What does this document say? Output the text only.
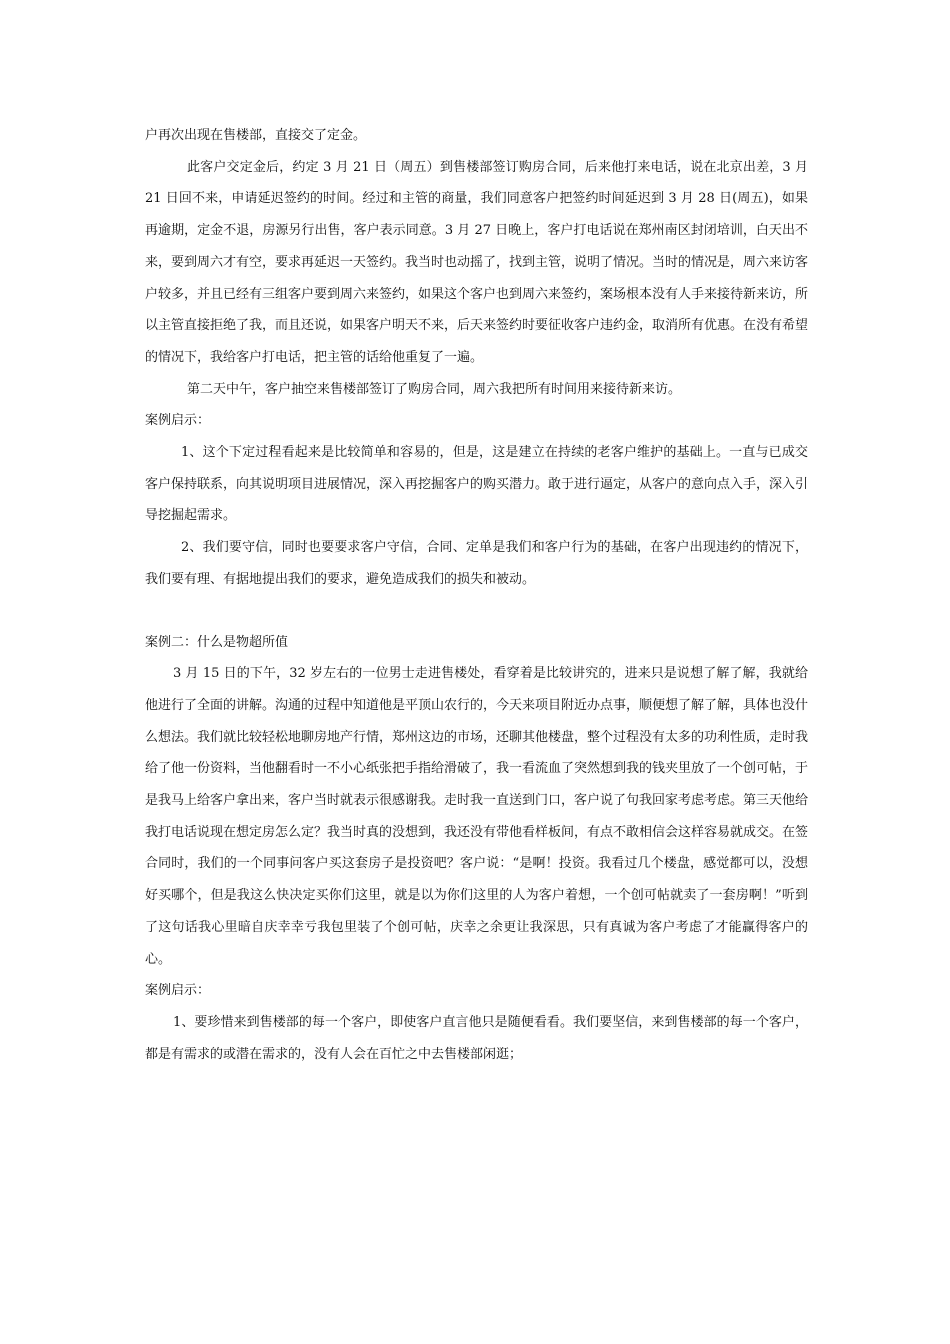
户再次出现在售楼部，直接交了定金。

此客户交定金后，约定 3 月 21 日（周五）到售楼部签订购房合同，后来他打来电话，说在北京出差，3 月 21 日回不来，申请延迟签约的时间。经过和主管的商量，我们同意客户把签约时间延迟到 3 月 28 日(周五)，如果再逾期，定金不退，房源另行出售，客户表示同意。3 月 27 日晚上，客户打电话说在郑州南区封闭培训，白天出不来，要到周六才有空，要求再延迟一天签约。我当时也动摇了，找到主管，说明了情况。当时的情况是，周六来访客户较多，并且已经有三组客户要到周六来签约，如果这个客户也到周六来签约，案场根本没有人手来接待新来访，所以主管直接拒绝了我，而且还说，如果客户明天不来，后天来签约时要征收客户违约金，取消所有优惠。在没有希望的情况下，我给客户打电话，把主管的话给他重复了一遍。

第二天中午，客户抽空来售楼部签订了购房合同，周六我把所有时间用来接待新来访。

案例启示：

1、这个下定过程看起来是比较简单和容易的，但是，这是建立在持续的老客户维护的基础上。一直与已成交客户保持联系，向其说明项目进展情况，深入再挖掘客户的购买潜力。敢于进行逼定，从客户的意向点入手，深入引导挖掘起需求。

2、我们要守信，同时也要要求客户守信，合同、定单是我们和客户行为的基础，在客户出现违约的情况下，我们要有理、有据地提出我们的要求，避免造成我们的损失和被动。

案例二：什么是物超所值

3 月 15 日的下午，32 岁左右的一位男士走进售楼处，看穿着是比较讲究的，进来只是说想了解了解，我就给他进行了全面的讲解。沟通的过程中知道他是平顶山农行的，今天来项目附近办点事，顺便想了解了解，具体也没什么想法。我们就比较轻松地聊房地产行情，郑州这边的市场，还聊其他楼盘，整个过程没有太多的功利性质，走时我给了他一份资料，当他翻看时一不小心纸张把手指给滑破了，我一看流血了突然想到我的钱夹里放了一个创可帖，于是我马上给客户拿出来，客户当时就表示很感谢我。走时我一直送到门口，客户说了句我回家考虑考虑。第三天他给我打电话说现在想定房怎么定？我当时真的没想到，我还没有带他看样板间，有点不敢相信会这样容易就成交。在签合同时，我们的一个同事问客户买这套房子是投资吧？客户说：“是啊！投资。我看过几个楼盘，感觉都可以，没想好买哪个，但是我这么快决定买你们这里，就是以为你们这里的人为客户着想，一个创可帖就卖了一套房啊！”听到了这句话我心里暗自庆幸幸亏我包里装了个创可帖，庆幸之余更让我深思，只有真诚为客户考虑了才能赢得客户的心。

案例启示：

1、要珍惜来到售楼部的每一个客户，即使客户直言他只是随便看看。我们要坚信，来到售楼部的每一个客户，都是有需求的或潜在需求的，没有人会在百忙之中去售楼部闲逛；
